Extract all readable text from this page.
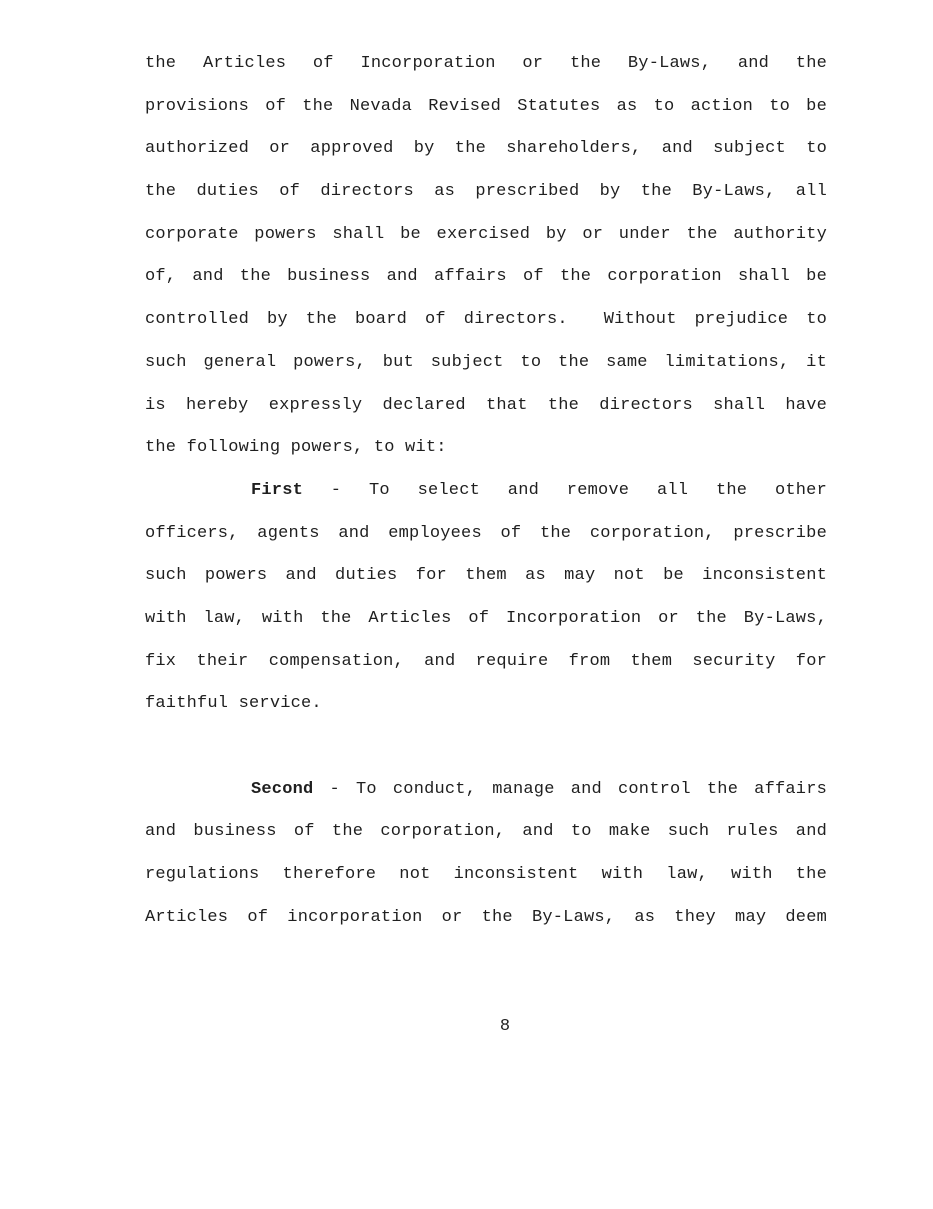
the Articles of Incorporation or the By-Laws, and the
provisions of the Nevada Revised Statutes as to action to be
authorized or approved by the shareholders, and subject to
the duties of directors as prescribed by the By-Laws, all
corporate powers shall be exercised by or under the authority
of, and the business and affairs of the corporation shall be
controlled by the board of directors.  Without prejudice to
such general powers, but subject to the same limitations, it
is hereby expressly declared that the directors shall have
the following powers, to wit:
First - To select and remove all the other
officers, agents and employees of the corporation, prescribe
such powers and duties for them as may not be inconsistent
with law, with the Articles of Incorporation or the By-Laws,
fix their compensation, and require from them security for
faithful service.
Second - To conduct, manage and control the affairs
and business of the corporation, and to make such rules and
regulations therefore not inconsistent with law, with the
Articles of incorporation or the By-Laws, as they may deem
8
